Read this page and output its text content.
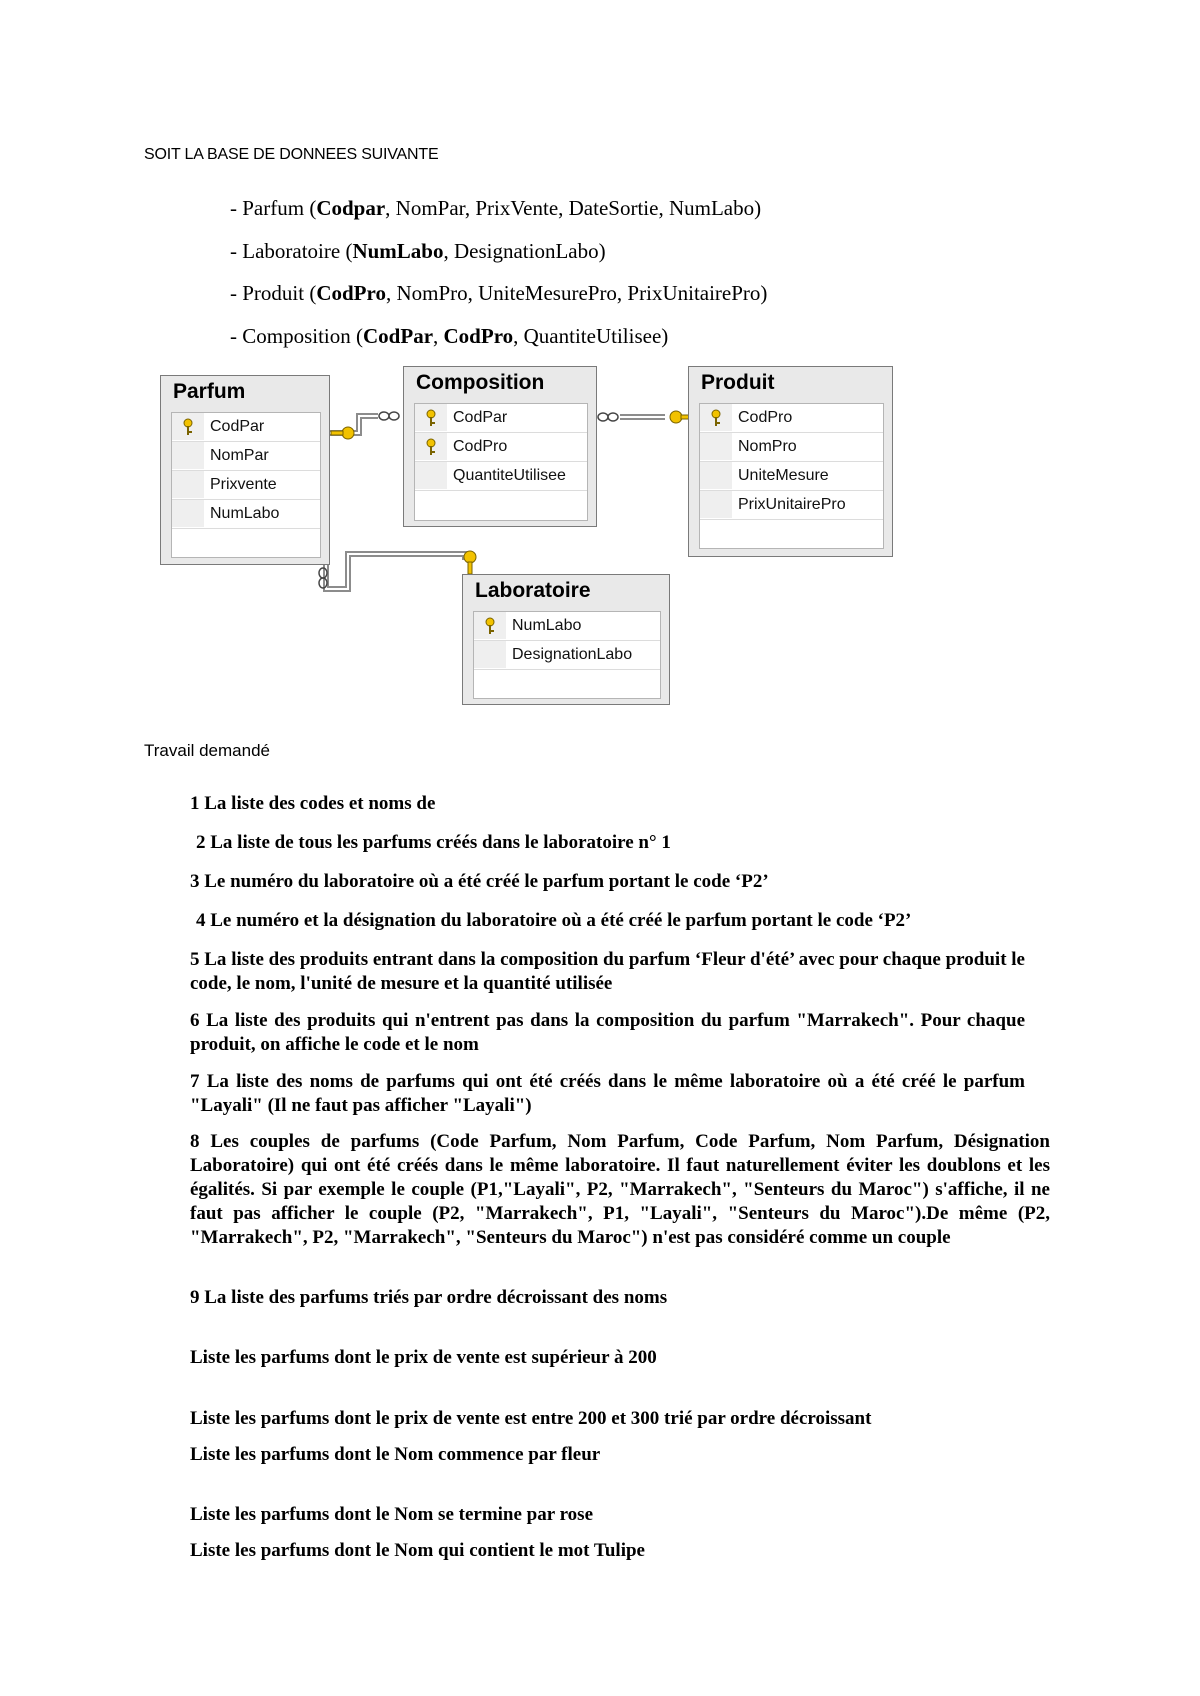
SOIT LA BASE DE DONNEES SUIVANTE
- Parfum (Codpar, NomPar, PrixVente, DateSortie, NumLabo)
- Laboratoire (NumLabo, DesignationLabo)
- Produit (CodPro, NomPro, UniteMesurePro, PrixUnitairePro)
- Composition (CodPar, CodPro, QuantiteUtilisee)
Parfum
CodPar
NomPar
Prixvente
NumLabo
Composition
CodPar
CodPro
QuantiteUtilisee
Produit
CodPro
NomPro
UniteMesure
PrixUnitairePro
Laboratoire
NumLabo
DesignationLabo
Travail demandé
1 La liste des codes et noms de
2 La liste de tous les parfums créés dans le laboratoire n° 1
3 Le numéro du laboratoire où a été créé le parfum portant le code ‘P2’
4 Le numéro et la désignation du laboratoire où a été créé le parfum portant le code ‘P2’
5 La liste des produits entrant dans la composition du parfum ‘Fleur d'été’ avec pour chaque produit le code, le nom, l'unité de mesure et la quantité utilisée
6 La liste des produits qui n'entrent pas dans la composition du parfum "Marrakech". Pour chaque produit, on affiche le code et le nom
7 La liste des noms de parfums qui ont été créés dans le même laboratoire où a été créé le parfum "Layali" (Il ne faut pas afficher "Layali")
8 Les couples de parfums (Code Parfum, Nom Parfum, Code Parfum, Nom Parfum, Désignation Laboratoire) qui ont été créés dans le même laboratoire. Il faut naturellement éviter les doublons et les égalités. Si par exemple le couple (P1,"Layali", P2, "Marrakech", "Senteurs du Maroc") s'affiche, il ne faut pas afficher le couple (P2, "Marrakech", P1, "Layali", "Senteurs du Maroc").De même (P2, "Marrakech", P2, "Marrakech", "Senteurs du Maroc") n'est pas considéré comme un couple
9 La liste des parfums triés par ordre décroissant des noms
Liste les parfums dont le prix de vente est supérieur à 200
Liste les parfums dont le prix de vente est entre 200 et 300 trié par ordre décroissant
Liste les parfums dont le Nom commence par fleur
Liste les parfums dont le Nom se termine par rose
Liste les parfums dont le Nom qui contient le mot Tulipe
